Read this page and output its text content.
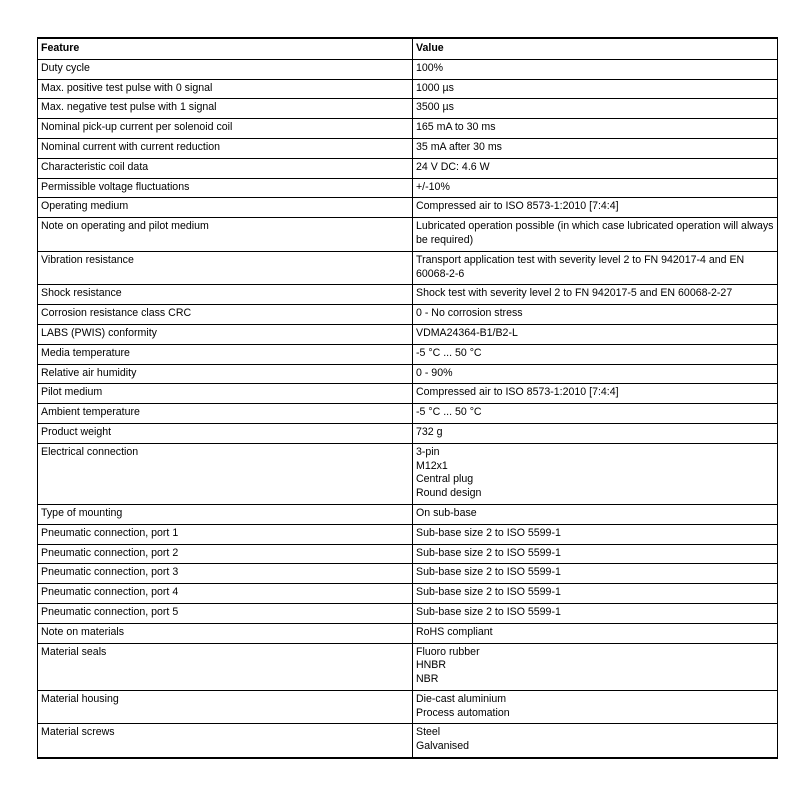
Feature	Value
Duty cycle	100%

Max. positive test pulse with 0 signal	1000 µs

Max. negative test pulse with 1 signal	3500 µs

Nominal pick-up current per solenoid coil	165 mA to 30 ms

Nominal current with current reduction	35 mA after 30 ms

Characteristic coil data	24 V DC: 4.6 W

Permissible voltage fluctuations	+/-10%

Operating medium	Compressed air to ISO 8573-1:2010 [7:4:4]

Note on operating and pilot medium	Lubricated operation possible (in which case lubricated operation will always be required)

Vibration resistance	Transport application test with severity level 2 to FN 942017-4 and EN 60068-2-6

Shock resistance	Shock test with severity level 2 to FN 942017-5 and EN 60068-2-27

Corrosion resistance class CRC	0 - No corrosion stress

LABS (PWIS) conformity	VDMA24364-B1/B2-L

Media temperature	-5 °C ... 50 °C

Relative air humidity	0 - 90%

Pilot medium	Compressed air to ISO 8573-1:2010 [7:4:4]

Ambient temperature	-5 °C ... 50 °C

Product weight	732 g

Electrical connection	3-pin
M12x1
Central plug
Round design

Type of mounting	On sub-base

Pneumatic connection, port 1	Sub-base size 2 to ISO 5599-1

Pneumatic connection, port 2	Sub-base size 2 to ISO 5599-1

Pneumatic connection, port 3	Sub-base size 2 to ISO 5599-1

Pneumatic connection, port 4	Sub-base size 2 to ISO 5599-1

Pneumatic connection, port 5	Sub-base size 2 to ISO 5599-1

Note on materials	RoHS compliant

Material seals	Fluoro rubber
HNBR
NBR

Material housing	Die-cast aluminium
Process automation

Material screws	Steel
Galvanised
